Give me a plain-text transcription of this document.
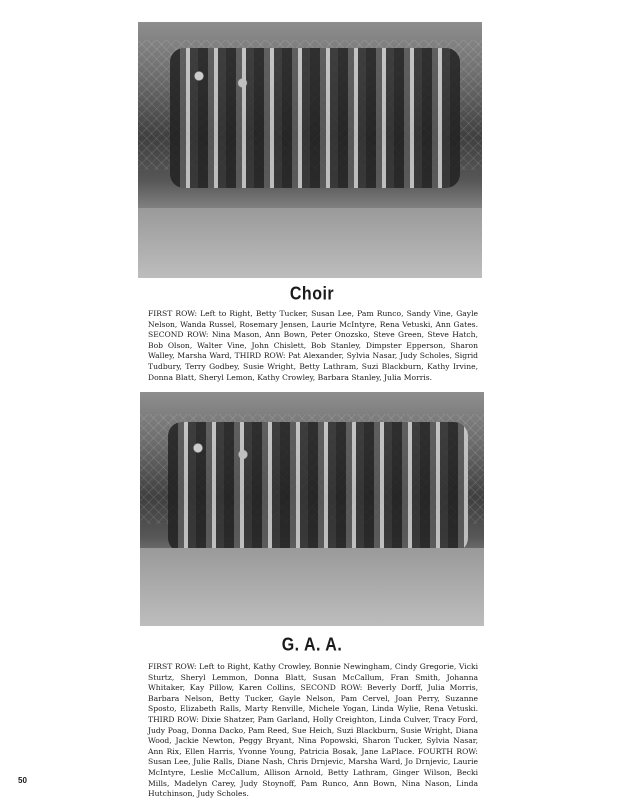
Choir

FIRST ROW: Left to Right, Betty Tucker, Susan Lee, Pam Runco, Sandy Vine, Gayle Nelson, Wanda Russel, Rosemary Jensen, Laurie McIntyre, Rena Vetuski, Ann Gates. SECOND ROW: Nina Mason, Ann Bown, Peter Onozsko, Steve Green, Steve Hatch, Bob Olson, Walter Vine, John Chislett, Bob Stanley, Dimpster Epperson, Sharon Walley, Marsha Ward, THIRD ROW: Pat Alexander, Sylvia Nasar, Judy Scholes, Sigrid Tudbury, Terry Godbey, Susie Wright, Betty Lathram, Suzi Blackburn, Kathy Irvine, Donna Blatt, Sheryl Lemon, Kathy Crowley, Barbara Stanley, Julia Morris.

G. A. A.

FIRST ROW: Left to Right, Kathy Crowley, Bonnie Newingham, Cindy Gregorie, Vicki Sturtz, Sheryl Lemmon, Donna Blatt, Susan McCallum, Fran Smith, Johanna Whitaker, Kay Pillow, Karen Collins, SECOND ROW: Beverly Dorff, Julia Morris, Barbara Nelson, Betty Tucker, Gayle Nelson, Pam Cervel, Joan Perry, Suzanne Sposto, Elizabeth Ralls, Marty Renville, Michele Yogan, Linda Wylie, Rena Vetuski. THIRD ROW: Dixie Shatzer, Pam Garland, Holly Creighton, Linda Culver, Tracy Ford, Judy Poag, Donna Dacko, Pam Reed, Sue Heich, Suzi Blackburn, Susie Wright, Diana Wood, Jackie Newton, Peggy Bryant, Nina Popowski, Sharon Tucker, Sylvia Nasar, Ann Rix, Ellen Harris, Yvonne Young, Patricia Bosak, Jane LaPlace. FOURTH ROW: Susan Lee, Julie Ralls, Diane Nash, Chris Drnjevic, Marsha Ward, Jo Drnjevic, Laurie McIntyre, Leslie McCallum, Allison Arnold, Betty Lathram, Ginger Wilson, Becki Mills, Madelyn Carey, Judy Stoynoff, Pam Runco, Ann Bown, Nina Nason, Linda Hutchinson, Judy Scholes.

50
